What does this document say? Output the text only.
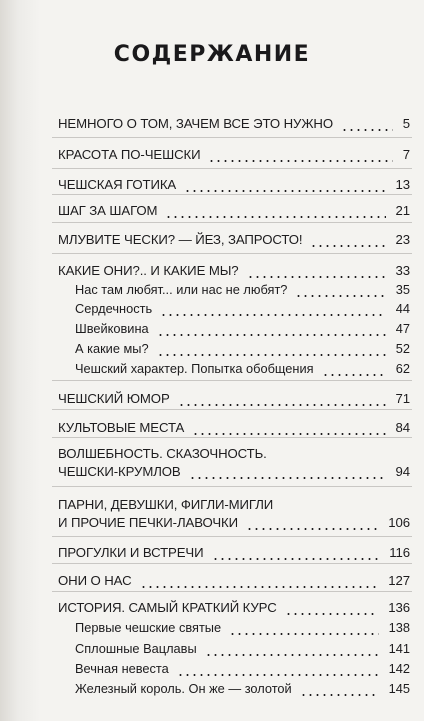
СОДЕРЖАНИЕ
НЕМНОГО О ТОМ, ЗАЧЕМ ВСЕ ЭТО НУЖНО	5
КРАСОТА ПО-ЧЕШСКИ	7
ЧЕШСКАЯ ГОТИКА	13
ШАГ ЗА ШАГОМ	21
МЛУВИТЕ ЧЕСКИ? — ЙЕЗ, ЗАПРОСТО!	23
КАКИЕ ОНИ?.. И КАКИЕ МЫ?	33
Нас там любят... или нас не любят?	35
Сердечность	44
Швейковина	47
А какие мы?	52
Чешский характер. Попытка обобщения	62
ЧЕШСКИЙ ЮМОР	71
КУЛЬТОВЫЕ МЕСТА	84
ВОЛШЕБНОСТЬ. СКАЗОЧНОСТЬ.
ЧЕШСКИ-КРУМЛОВ	94
ПАРНИ, ДЕВУШКИ, ФИГЛИ-МИГЛИ
И ПРОЧИЕ ПЕЧКИ-ЛАВОЧКИ	106
ПРОГУЛКИ И ВСТРЕЧИ	116
ОНИ О НАС	127
ИСТОРИЯ. САМЫЙ КРАТКИЙ КУРС	136
Первые чешские святые	138
Сплошные Вацлавы	141
Вечная невеста	142
Железный король. Он же — золотой	145
